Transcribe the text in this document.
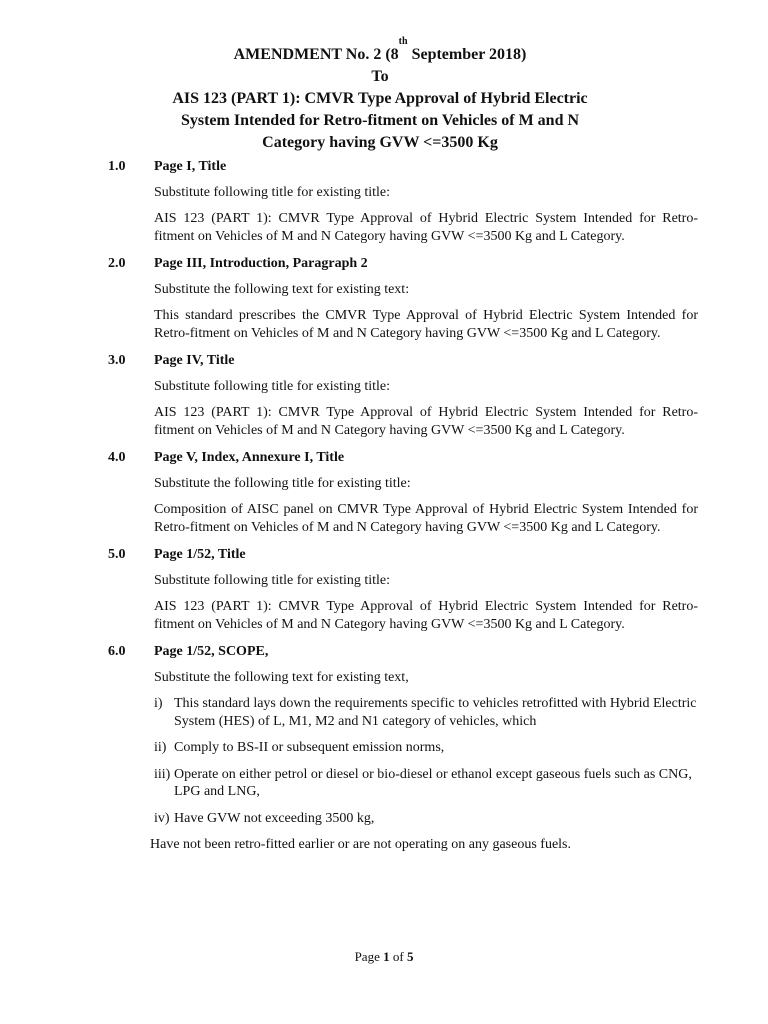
AMENDMENT No. 2 (8th September 2018)
To
AIS 123 (PART 1): CMVR Type Approval of Hybrid Electric
System Intended for Retro-fitment on Vehicles of M and N
Category having GVW <=3500 Kg
1.0	Page I, Title
Substitute following title for existing title:
AIS 123 (PART 1): CMVR Type Approval of Hybrid Electric System Intended for Retro- fitment on Vehicles of M and N Category having GVW <=3500 Kg and L Category.
2.0	Page III, Introduction, Paragraph 2
Substitute the following text for existing text:
This standard prescribes the CMVR Type Approval of Hybrid Electric System Intended for Retro-fitment on Vehicles of M and N Category having GVW <=3500 Kg and L Category.
3.0	Page IV, Title
Substitute following title for existing title:
AIS 123 (PART 1): CMVR Type Approval of Hybrid Electric System Intended for Retro- fitment on Vehicles of M and N Category having GVW <=3500 Kg and L Category.
4.0	Page V, Index, Annexure I, Title
Substitute the following title for existing title:
Composition of AISC panel on CMVR Type Approval of Hybrid Electric System Intended for Retro-fitment on Vehicles of M and N Category having GVW <=3500 Kg and L Category.
5.0	Page 1/52, Title
Substitute following title for existing title:
AIS 123 (PART 1): CMVR Type Approval of Hybrid Electric System Intended for Retro- fitment on Vehicles of M and N Category having GVW <=3500 Kg and L Category.
6.0	Page 1/52, SCOPE,
Substitute the following text for existing text,
i) This standard lays down the requirements specific to vehicles retrofitted with Hybrid Electric System (HES) of L, M1, M2 and N1 category of vehicles, which
ii) Comply to BS-II or subsequent emission norms,
iii) Operate on either petrol or diesel or bio-diesel or ethanol except gaseous fuels such as CNG, LPG and LNG,
iv) Have GVW not exceeding 3500 kg,
Have not been retro-fitted earlier or are not operating on any gaseous fuels.
Page 1 of 5
